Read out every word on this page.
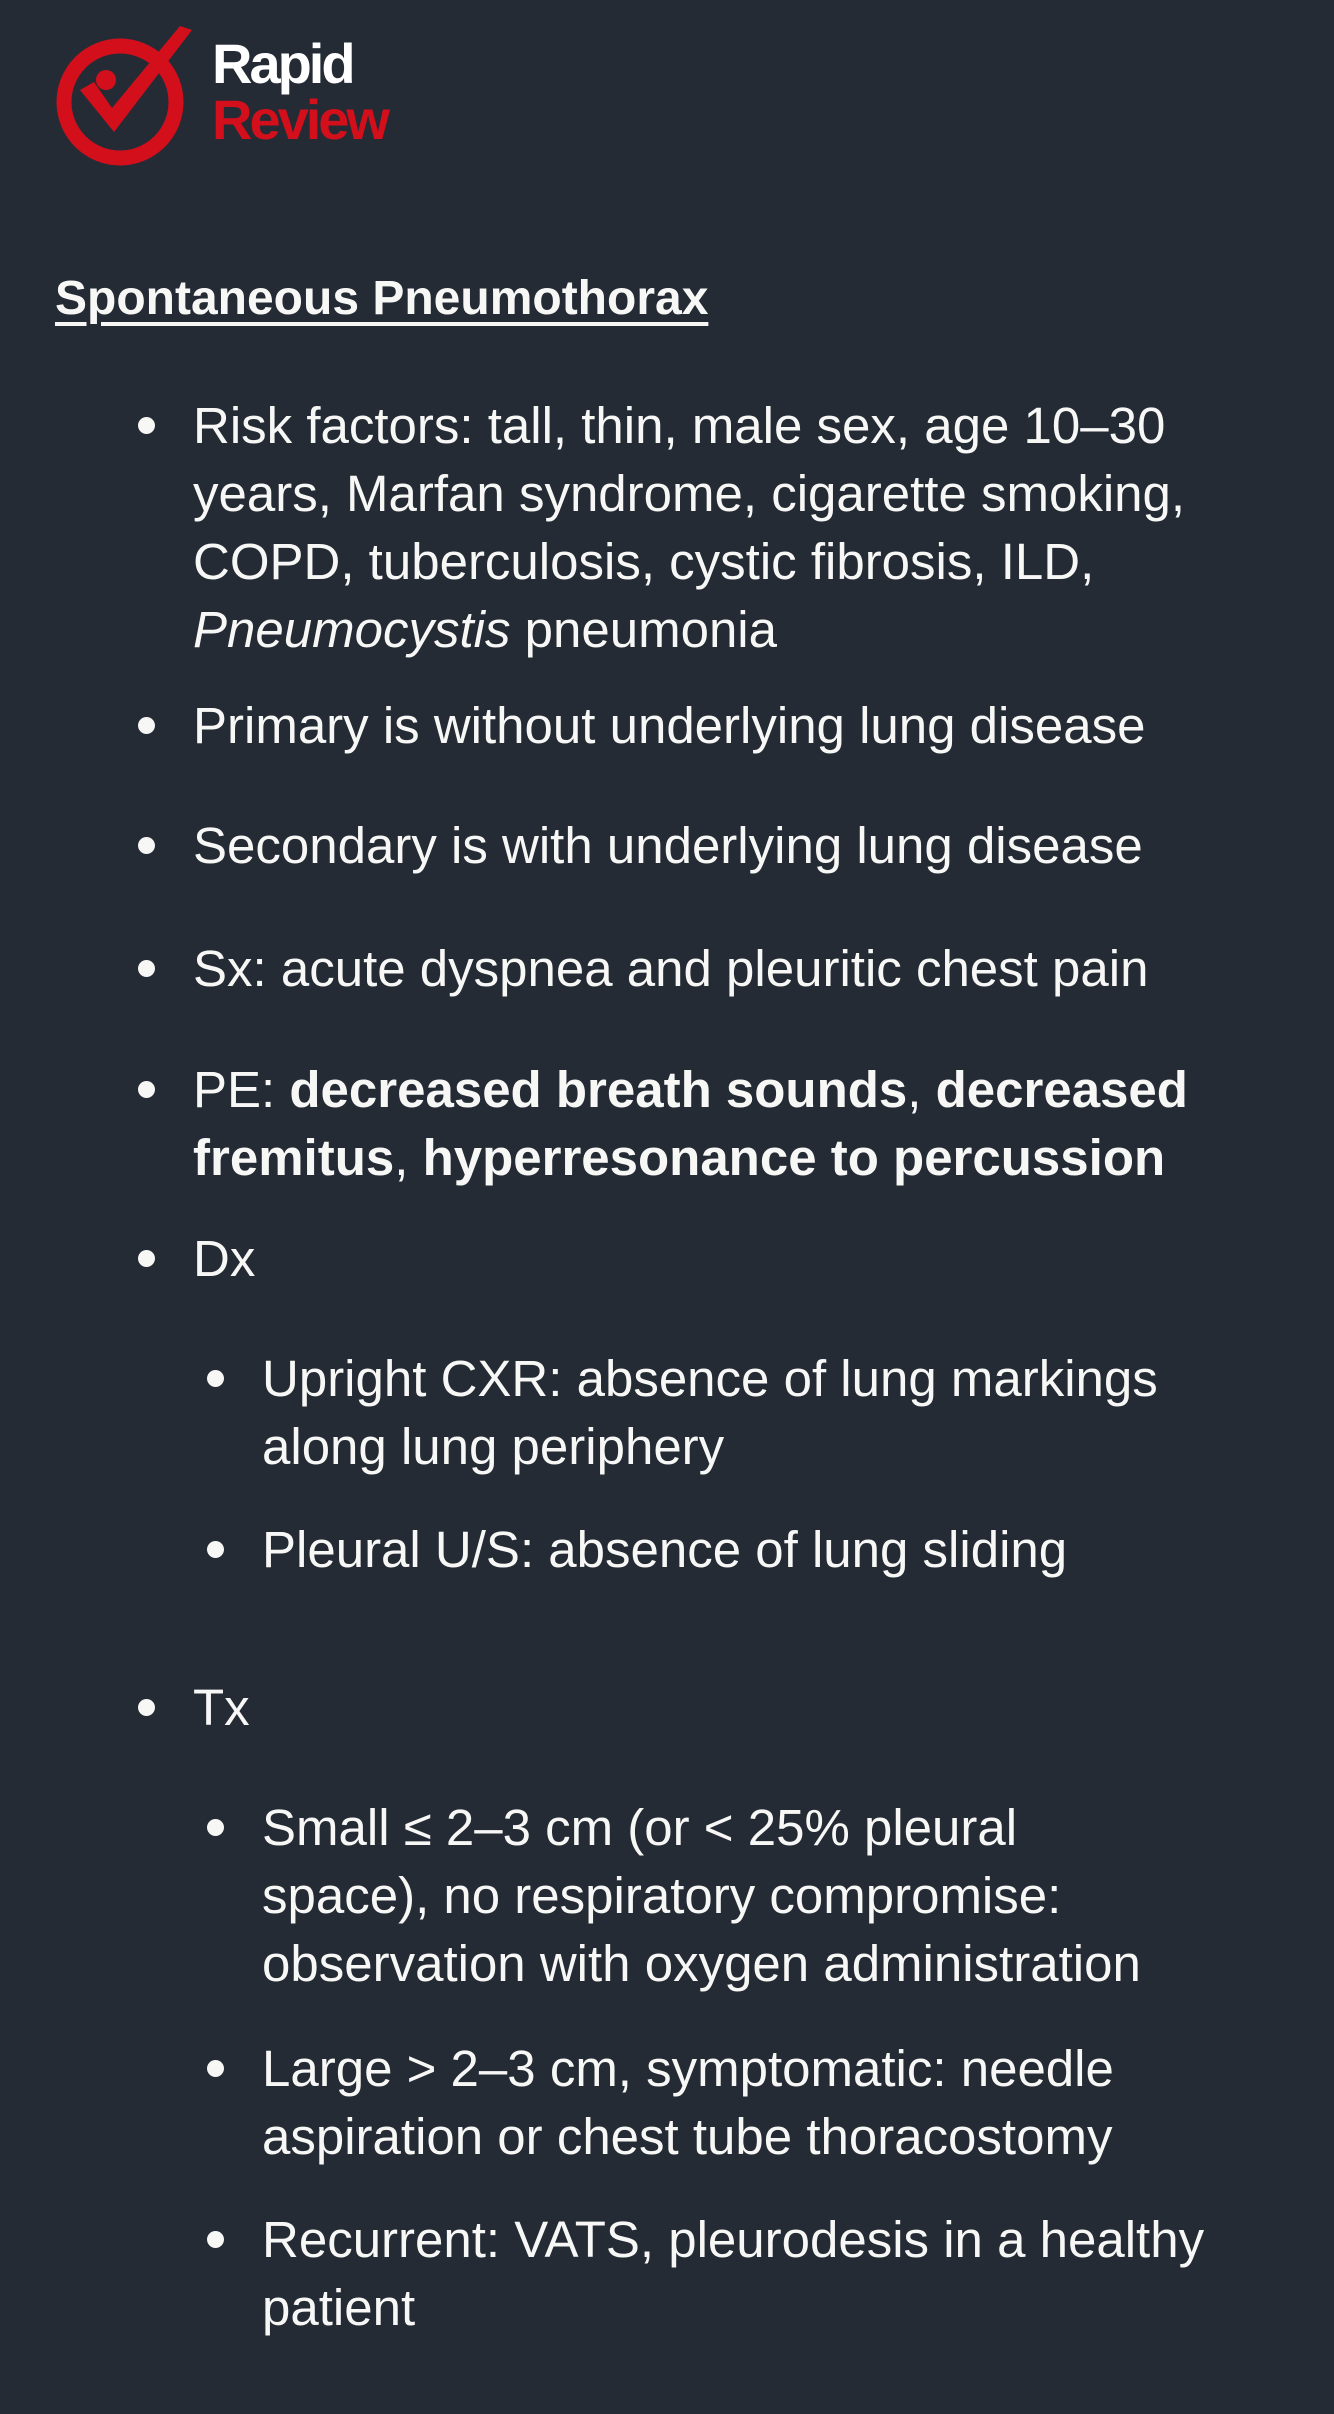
Rapid
Review
Spontaneous Pneumothorax
Risk factors: tall, thin, male sex, age 10–30
years, Marfan syndrome, cigarette smoking,
COPD, tuberculosis, cystic fibrosis, ILD,
Pneumocystis pneumonia
Primary is without underlying lung disease
Secondary is with underlying lung disease
Sx: acute dyspnea and pleuritic chest pain
PE: decreased breath sounds, decreased
fremitus, hyperresonance to percussion
Dx
Upright CXR: absence of lung markings
along lung periphery
Pleural U/S: absence of lung sliding
Tx
Small ≤ 2–3 cm (or < 25% pleural
space), no respiratory compromise:
observation with oxygen administration
Large > 2–3 cm, symptomatic: needle
aspiration or chest tube thoracostomy
Recurrent: VATS, pleurodesis in a healthy
patient
